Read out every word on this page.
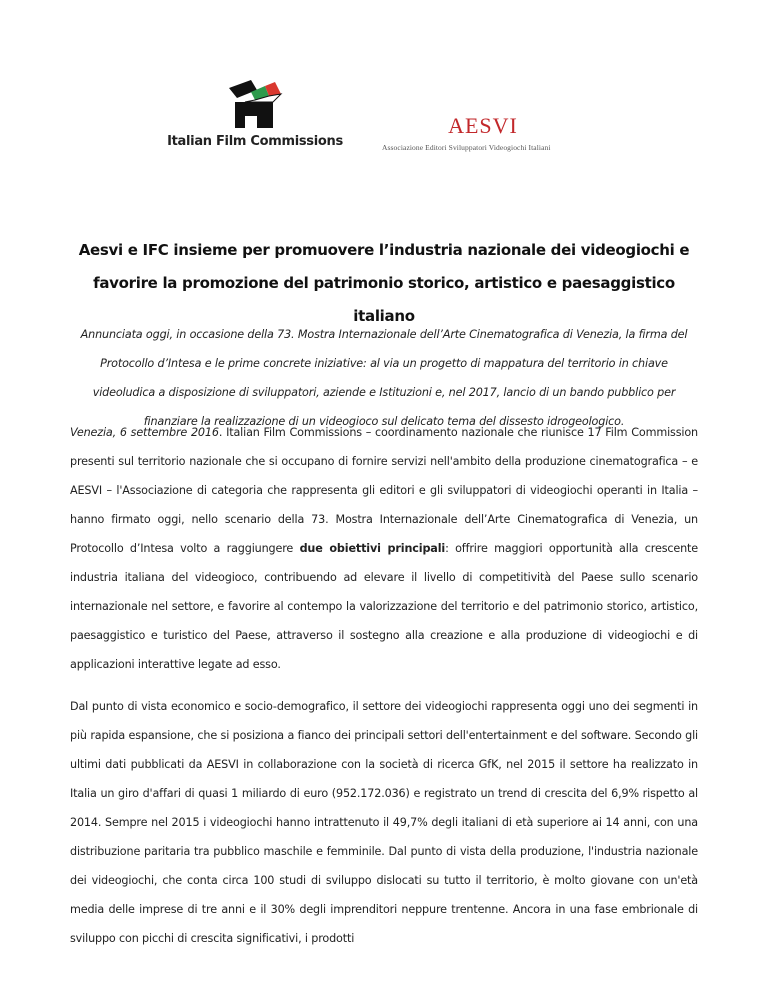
Italian Film Commissions
AESVI
Associazione Editori Sviluppatori Videogiochi Italiani
Aesvi e IFC insieme per promuovere l’industria nazionale dei videogiochi e favorire la promozione del patrimonio storico, artistico e paesaggistico italiano
Annunciata oggi, in occasione della 73. Mostra Internazionale dell’Arte Cinematografica di Venezia, la firma del Protocollo d’Intesa e le prime concrete iniziative: al via un progetto di mappatura del territorio in chiave videoludica a disposizione di sviluppatori, aziende e Istituzioni e, nel 2017, lancio di un bando pubblico per finanziare la realizzazione di un videogioco sul delicato tema del dissesto idrogeologico.
Venezia, 6 settembre 2016. Italian Film Commissions – coordinamento nazionale che riunisce 17 Film Commission presenti sul territorio nazionale che si occupano di fornire servizi nell'ambito della produzione cinematografica – e AESVI – l'Associazione di categoria che rappresenta gli editori e gli sviluppatori di videogiochi operanti in Italia – hanno firmato oggi, nello scenario della 73. Mostra Internazionale dell’Arte Cinematografica di Venezia, un Protocollo d’Intesa volto a raggiungere due obiettivi principali: offrire maggiori opportunità alla crescente industria italiana del videogioco, contribuendo ad elevare il livello di competitività del Paese sullo scenario internazionale nel settore, e favorire al contempo la valorizzazione del territorio e del patrimonio storico, artistico, paesaggistico e turistico del Paese, attraverso il sostegno alla creazione e alla produzione di videogiochi e di applicazioni interattive legate ad esso.
Dal punto di vista economico e socio-demografico, il settore dei videogiochi rappresenta oggi uno dei segmenti in più rapida espansione, che si posiziona a fianco dei principali settori dell'entertainment e del software. Secondo gli ultimi dati pubblicati da AESVI in collaborazione con la società di ricerca GfK, nel 2015 il settore ha realizzato in Italia un giro d'affari di quasi 1 miliardo di euro (952.172.036) e registrato un trend di crescita del 6,9% rispetto al 2014. Sempre nel 2015 i videogiochi hanno intrattenuto il 49,7% degli italiani di età superiore ai 14 anni, con una distribuzione paritaria tra pubblico maschile e femminile. Dal punto di vista della produzione, l'industria nazionale dei videogiochi, che conta circa 100 studi di sviluppo dislocati su tutto il territorio, è molto giovane con un'età media delle imprese di tre anni e il 30% degli imprenditori neppure trentenne. Ancora in una fase embrionale di sviluppo con picchi di crescita significativi, i prodotti
